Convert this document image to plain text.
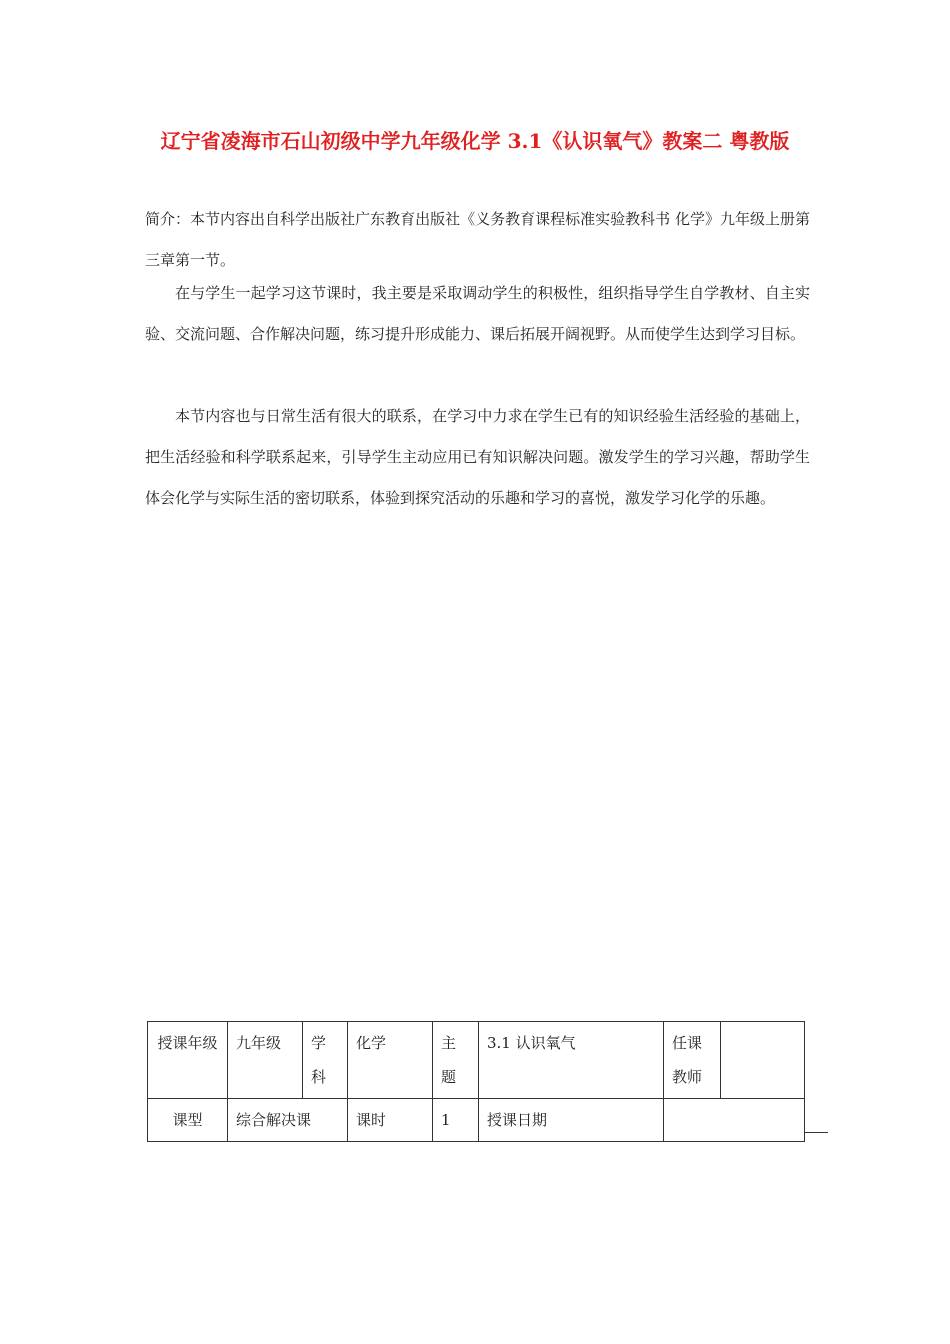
辽宁省凌海市石山初级中学九年级化学 3.1《认识氧气》教案二 粤教版

简介：本节内容出自科学出版社广东教育出版社《义务教育课程标准实验教科书 化学》九年级上册第三章第一节。

在与学生一起学习这节课时，我主要是采取调动学生的积极性，组织指导学生自学教材、自主实验、交流问题、合作解决问题，练习提升形成能力、课后拓展开阔视野。从而使学生达到学习目标。

本节内容也与日常生活有很大的联系，在学习中力求在学生已有的知识经验生活经验的基础上，把生活经验和科学联系起来，引导学生主动应用已有知识解决问题。激发学生的学习兴趣，帮助学生体会化学与实际生活的密切联系，体验到探究活动的乐趣和学习的喜悦，激发学习化学的乐趣。

授课年级	九年级	学科	化学	主题	3.1 认识氧气	任课教师	
课型	综合解决课		课时	1	授课日期		
